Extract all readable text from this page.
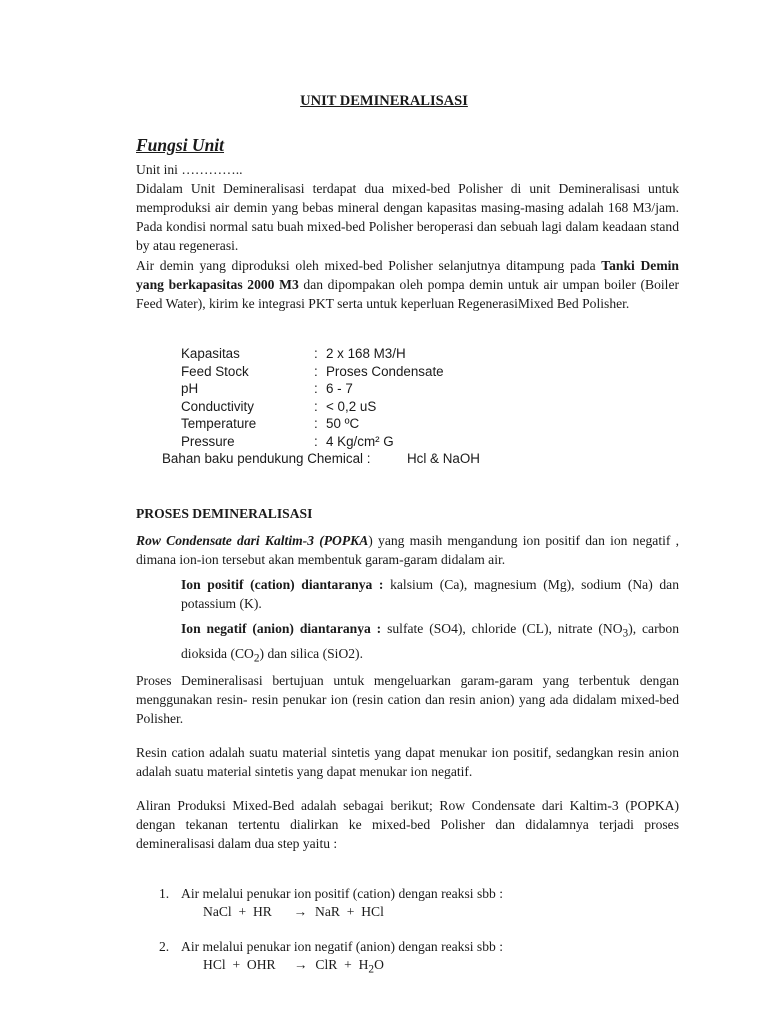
UNIT DEMINERALISASI
Fungsi Unit
Unit ini …………..
Didalam Unit Demineralisasi terdapat dua mixed-bed Polisher di unit Demineralisasi untuk memproduksi air demin yang bebas mineral dengan kapasitas masing-masing adalah 168 M3/jam. Pada kondisi normal satu buah mixed-bed Polisher beroperasi dan sebuah lagi dalam keadaan stand by atau regenerasi.
Air demin yang diproduksi oleh mixed-bed Polisher selanjutnya ditampung pada Tanki Demin yang berkapasitas 2000 M3 dan dipompakan oleh pompa demin untuk air umpan boiler (Boiler Feed Water), kirim ke integrasi PKT serta untuk keperluan RegenerasiMixed Bed Polisher.
Kapasitas	: 2 x 168 M3/H
Feed Stock	: Proses Condensate
pH	: 6 - 7
Conductivity	: < 0,2 uS
Temperature	: 50 ºC
Pressure	: 4 Kg/cm² G
Bahan baku pendukung Chemical :	Hcl & NaOH
PROSES DEMINERALISASI
Row Condensate dari Kaltim-3 (POPKA) yang masih mengandung ion positif dan ion negatif , dimana ion-ion tersebut akan membentuk garam-garam didalam air.
Ion positif (cation) diantaranya : kalsium (Ca), magnesium (Mg), sodium (Na) dan potassium (K).
Ion negatif (anion) diantaranya : sulfate (SO4), chloride (CL), nitrate $(NO_3)$, carbon dioksida $(CO_2)$ dan silica (SiO2).
Proses Demineralisasi bertujuan untuk mengeluarkan garam-garam yang terbentuk dengan menggunakan resin- resin penukar ion (resin cation dan resin anion) yang ada didalam mixed-bed Polisher.
Resin cation adalah suatu material sintetis yang dapat menukar ion positif, sedangkan resin anion adalah suatu material sintetis yang dapat menukar ion negatif.
Aliran Produksi Mixed-Bed adalah sebagai berikut; Row Condensate dari Kaltim-3 (POPKA) dengan tekanan tertentu dialirkan ke mixed-bed Polisher dan didalamnya terjadi proses demineralisasi dalam dua step yaitu :
1. Air melalui penukar ion positif (cation) dengan reaksi sbb :
NaCl  +  HR → NaR  +  HCl
2. Air melalui penukar ion negatif (anion) dengan reaksi sbb :
HCl  +  OHR → ClR  +  $H_2O$
